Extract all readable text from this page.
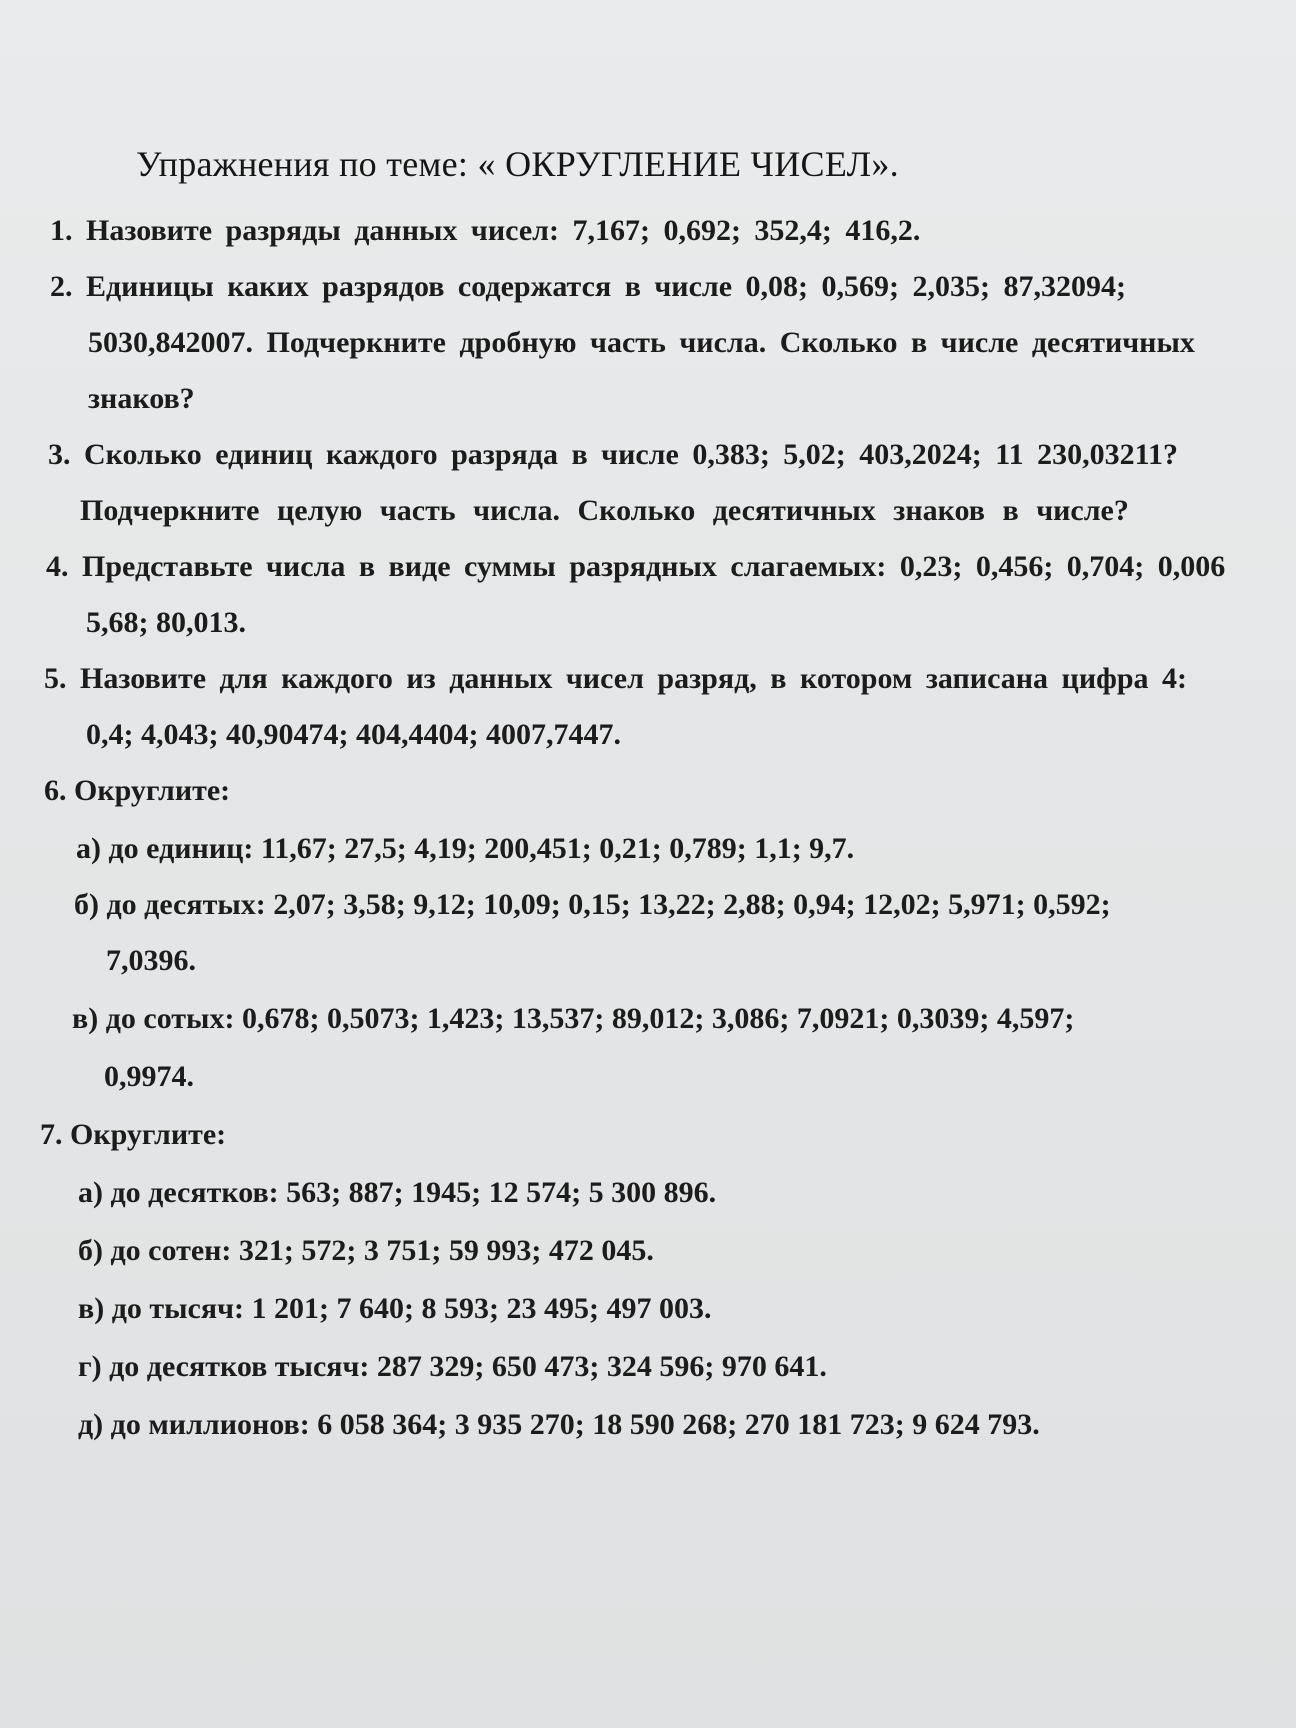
Упражнения по теме: « ОКРУГЛЕНИЕ ЧИСЕЛ».
1. Назовите разряды данных чисел: 7,167; 0,692; 352,4; 416,2.
2. Единицы каких разрядов содержатся в числе 0,08; 0,569; 2,035; 87,32094;
5030,842007. Подчеркните дробную часть числа. Сколько в числе десятичных
знаков?
3. Сколько единиц каждого разряда в числе 0,383; 5,02; 403,2024; 11 230,03211?
Подчеркните целую часть числа. Сколько десятичных знаков в числе?
4. Представьте числа в виде суммы разрядных слагаемых: 0,23; 0,456; 0,704; 0,006
5,68; 80,013.
5. Назовите для каждого из данных чисел разряд, в котором записана цифра 4:
0,4; 4,043; 40,90474; 404,4404; 4007,7447.
6. Округлите:
а) до единиц: 11,67; 27,5; 4,19; 200,451; 0,21; 0,789; 1,1; 9,7.
б) до десятых: 2,07; 3,58; 9,12; 10,09; 0,15; 13,22; 2,88; 0,94; 12,02; 5,971; 0,592;
7,0396.
в) до сотых: 0,678; 0,5073; 1,423; 13,537; 89,012; 3,086; 7,0921; 0,3039; 4,597;
0,9974.
7. Округлите:
а) до десятков: 563; 887; 1945; 12 574; 5 300 896.
б) до сотен: 321; 572; 3 751; 59 993; 472 045.
в) до тысяч: 1 201; 7 640; 8 593; 23 495; 497 003.
г) до десятков тысяч: 287 329; 650 473; 324 596; 970 641.
д) до миллионов: 6 058 364; 3 935 270; 18 590 268; 270 181 723; 9 624 793.
